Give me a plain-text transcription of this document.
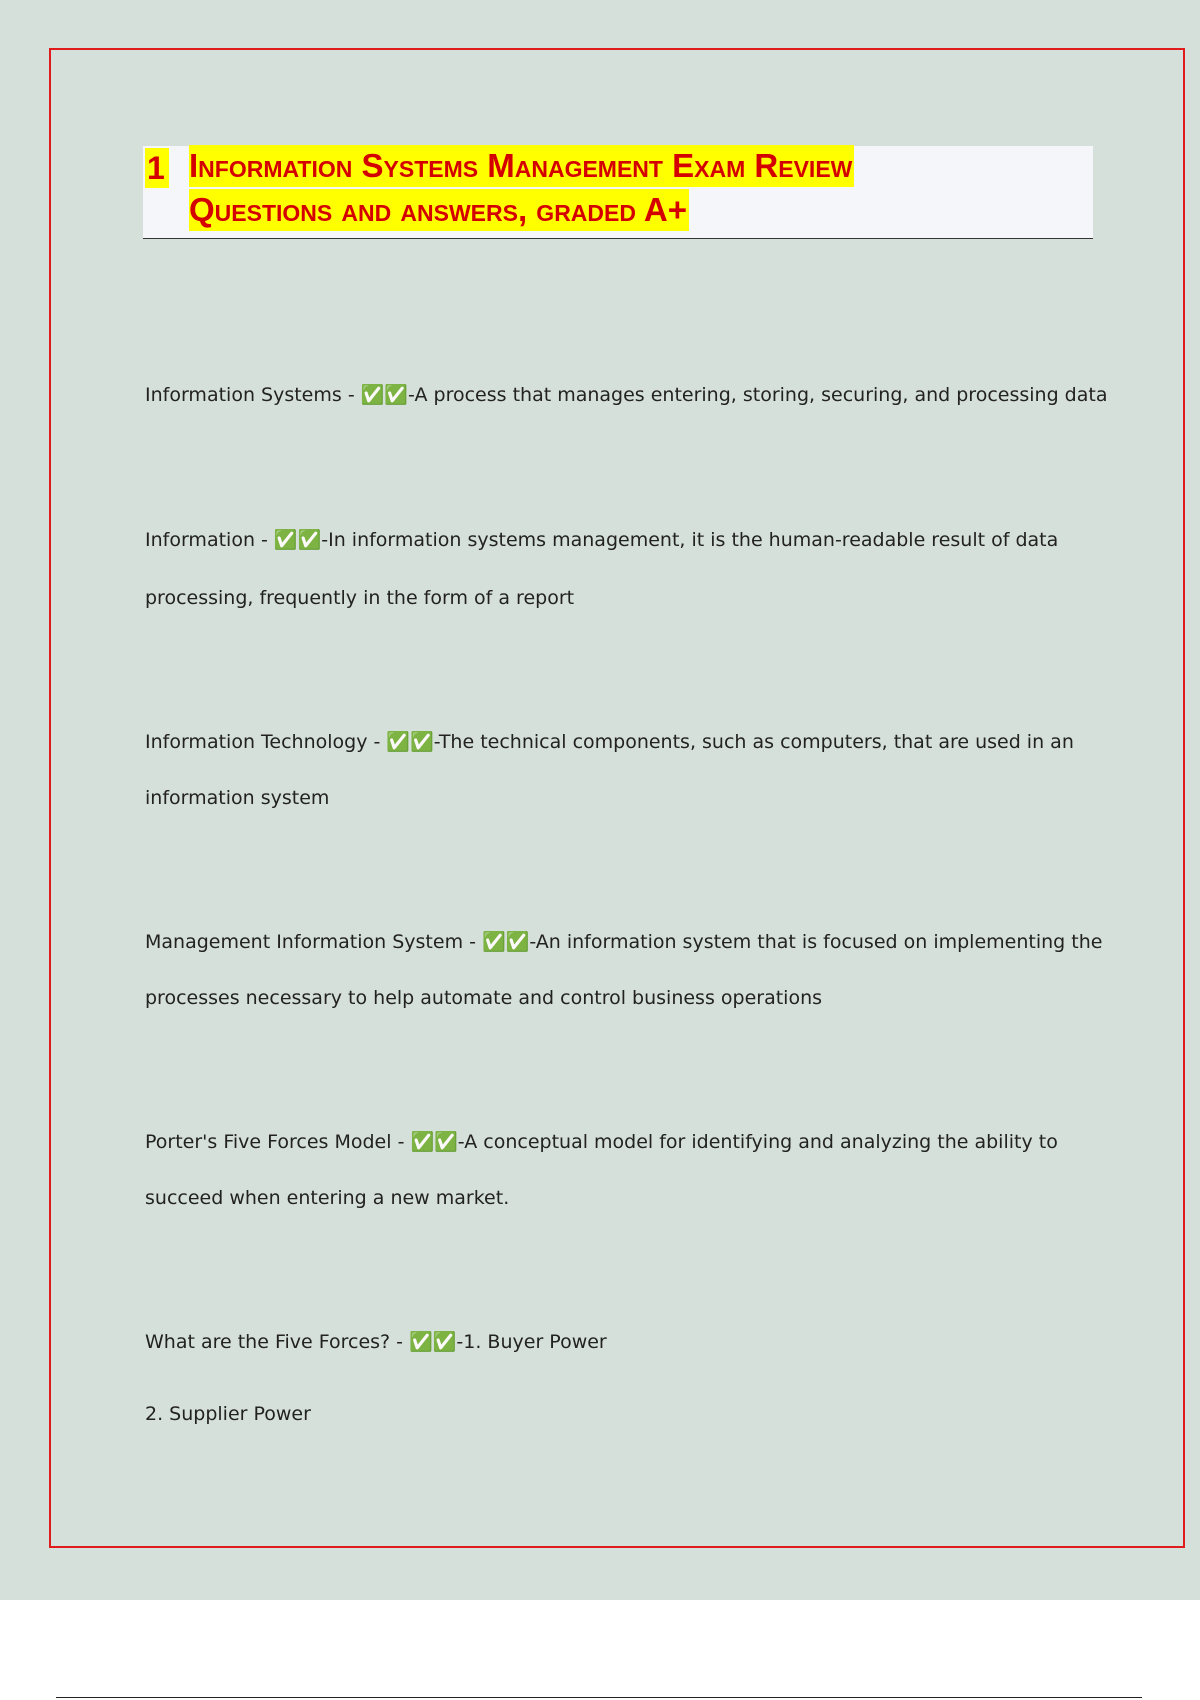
1 Information Systems Management Exam Review
Questions and answers, graded A+

Information Systems - ✅✅-A process that manages entering, storing, securing, and processing data

Information - ✅✅-In information systems management, it is the human-readable result of data

processing, frequently in the form of a report

Information Technology - ✅✅-The technical components, such as computers, that are used in an

information system

Management Information System - ✅✅-An information system that is focused on implementing the

processes necessary to help automate and control business operations

Porter's Five Forces Model - ✅✅-A conceptual model for identifying and analyzing the ability to

succeed when entering a new market.

What are the Five Forces? - ✅✅-1. Buyer Power

2. Supplier Power
